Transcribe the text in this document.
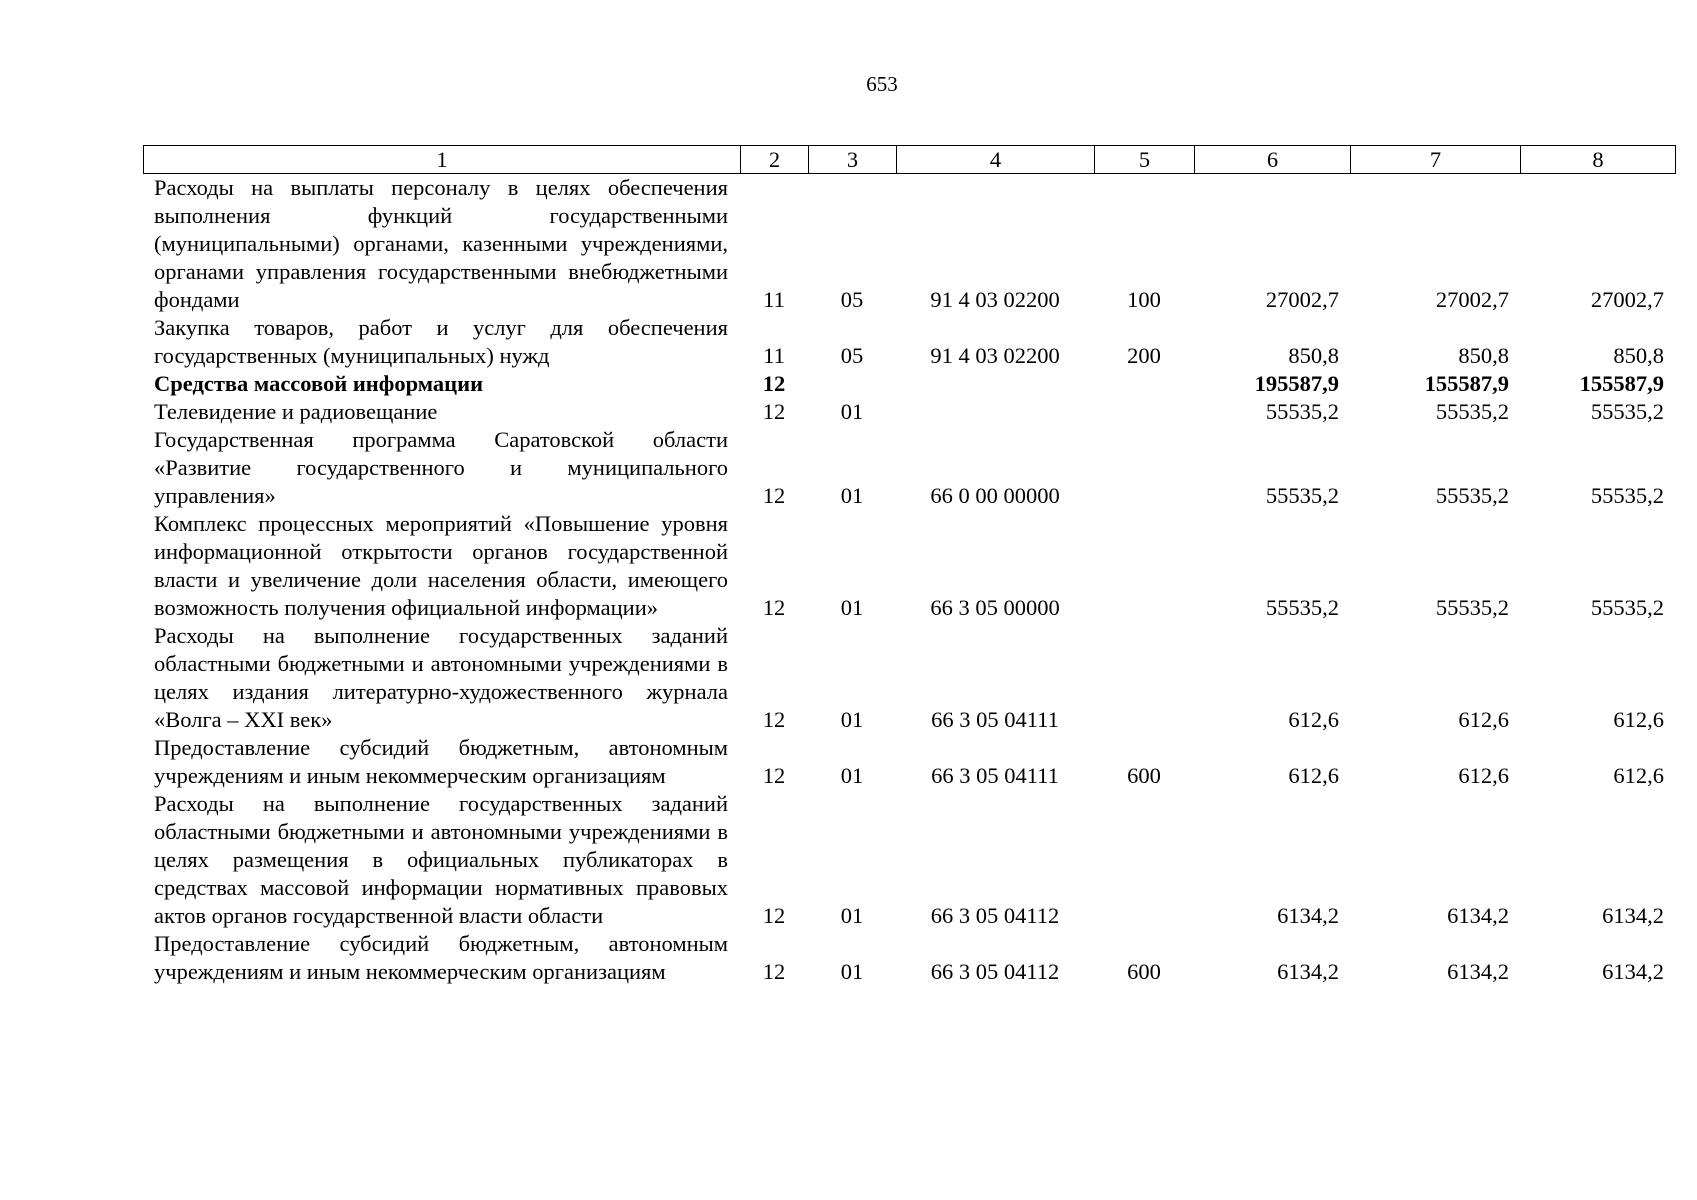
653
1	2	3	4	5	6	7	8
Расходы на выплаты персоналу в целях обеспечения выполнения функций государственными (муниципальными) органами, казенными учреждениями, органами управления государственными внебюджетными фондами	11	05	91 4 03 02200	100	27002,7	27002,7	27002,7
Закупка товаров, работ и услуг для обеспечения государственных (муниципальных) нужд	11	05	91 4 03 02200	200	850,8	850,8	850,8
Средства массовой информации	12				195587,9	155587,9	155587,9
Телевидение и радиовещание	12	01			55535,2	55535,2	55535,2
Государственная программа Саратовской области «Развитие государственного и муниципального управления»	12	01	66 0 00 00000		55535,2	55535,2	55535,2
Комплекс процессных мероприятий «Повышение уровня информационной открытости органов государственной власти и увеличение доли населения области, имеющего возможность получения официальной информации»	12	01	66 3 05 00000		55535,2	55535,2	55535,2
Расходы на выполнение государственных заданий областными бюджетными и автономными учреждениями в целях издания литературно-художественного журнала «Волга – XXI век»	12	01	66 3 05 04111		612,6	612,6	612,6
Предоставление субсидий бюджетным, автономным учреждениям и иным некоммерческим организациям	12	01	66 3 05 04111	600	612,6	612,6	612,6
Расходы на выполнение государственных заданий областными бюджетными и автономными учреждениями в целях размещения в официальных публикаторах в средствах массовой информации нормативных правовых актов органов государственной власти области	12	01	66 3 05 04112		6134,2	6134,2	6134,2
Предоставление субсидий бюджетным, автономным учреждениям и иным некоммерческим организациям	12	01	66 3 05 04112	600	6134,2	6134,2	6134,2
